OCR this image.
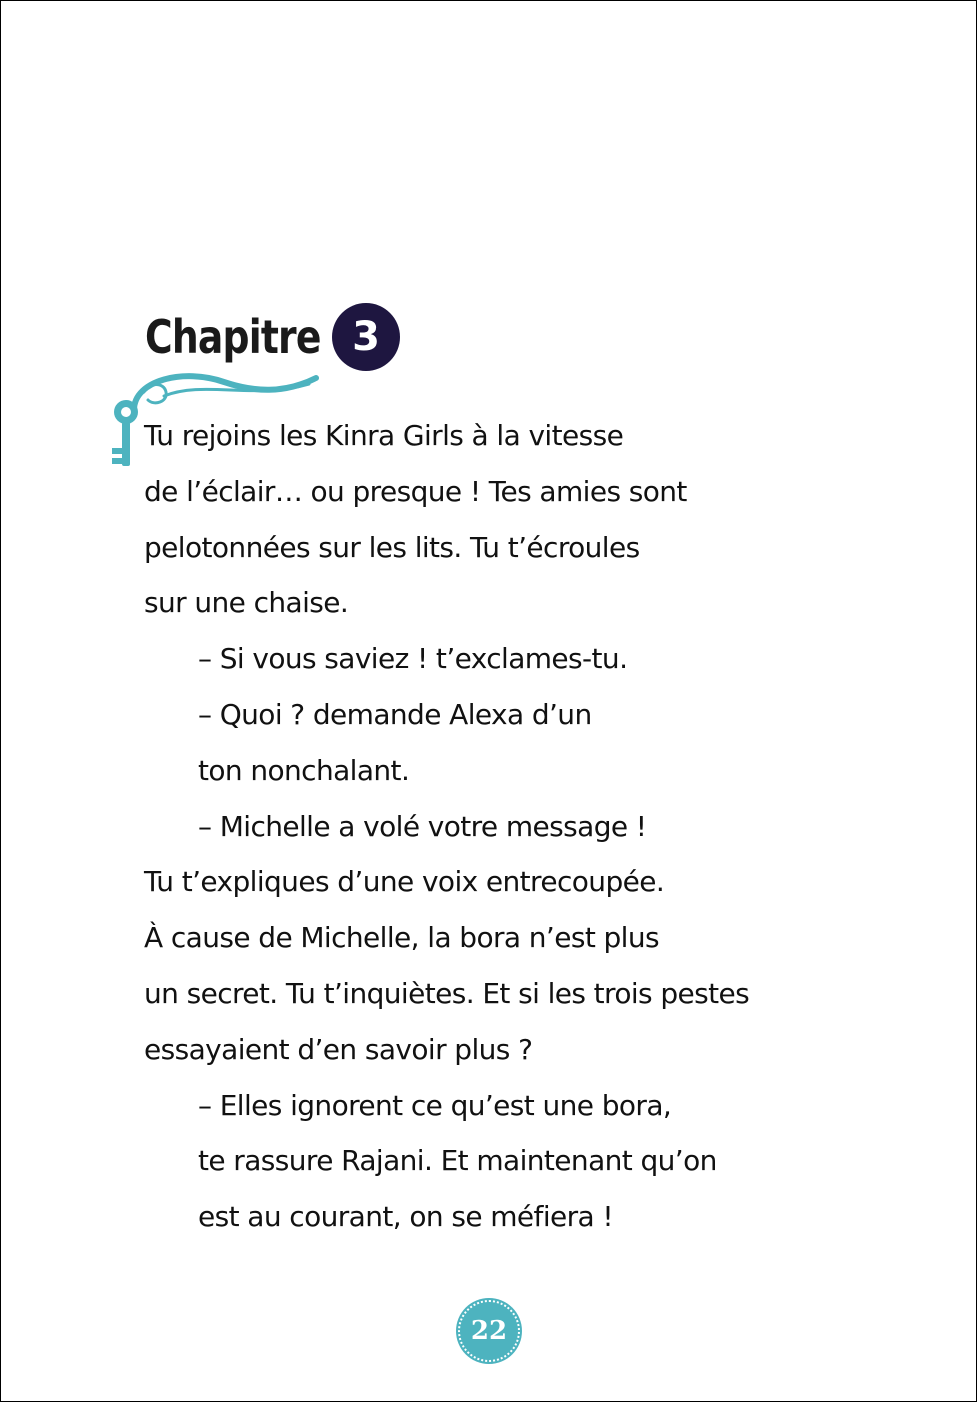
Chapitre 3
Tu rejoins les Kinra Girls à la vitesse
de l’éclair… ou presque ! Tes amies sont
pelotonnées sur les lits. Tu t’écroules
sur une chaise.
– Si vous saviez ! t’exclames-tu.
– Quoi ? demande Alexa d’un
ton nonchalant.
– Michelle a volé votre message !
Tu t’expliques d’une voix entrecoupée.
À cause de Michelle, la bora n’est plus
un secret. Tu t’inquiètes. Et si les trois pestes
essayaient d’en savoir plus ?
– Elles ignorent ce qu’est une bora,
te rassure Rajani. Et maintenant qu’on
est au courant, on se méfiera !
22
